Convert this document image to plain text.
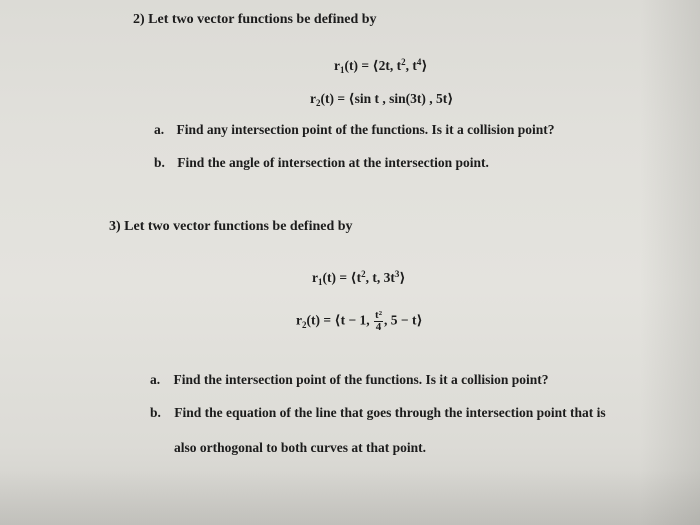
2) Let two vector functions be defined by
$r_1(t)$ = ⟨2t, $t^2$, $t^4⟩$
$r_2(t)$ = ⟨sin t , sin(3t) , 5t⟩
a. Find any intersection point of the functions. Is it a collision point?
b. Find the angle of intersection at the intersection point.
3) Let two vector functions be defined by
$r_1(t)$ = $⟨t^2$, t, $3t^3⟩$
$r_2(t)$ = ⟨t − 1, $\frac{\text{t²}}{4}$ , 5 − t⟩
a. Find the intersection point of the functions. Is it a collision point?
b. Find the equation of the line that goes through the intersection point that is
also orthogonal to both curves at that point.
